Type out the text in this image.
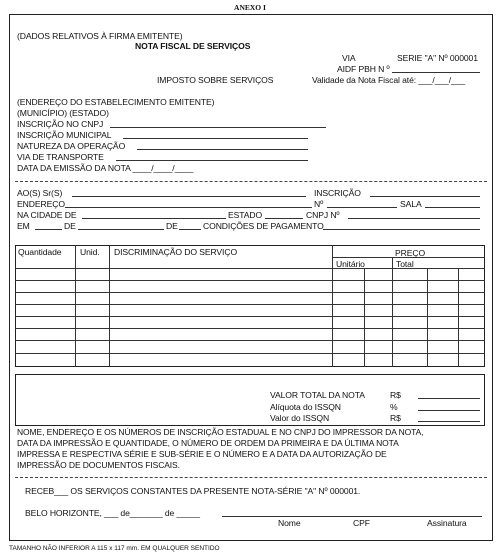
ANEXO I
(DADOS RELATIVOS À FIRMA EMITENTE)
NOTA FISCAL DE SERVIÇOS
VIA	SERIE "A" Nº 000001
AIDF PBH N º
IMPOSTO SOBRE SERVIÇOS	Validade da Nota Fiscal até: ___/___/___
(ENDEREÇO DO ESTABELECIMENTO EMITENTE)
(MUNICÍPIO) (ESTADO)
INSCRIÇÃO NO CNPJ
INSCRIÇÃO MUNICIPAL
NATUREZA DA OPERAÇÃO
VIA DE TRANSPORTE
DATA DA EMISSÃO DA NOTA ____/____/____
AO(S) Sr(S)	INSCRIÇÃO
ENDEREÇO	Nº	SALA
NA CIDADE DE	ESTADO	CNPJ Nº
EM	DE	DE	CONDIÇÕES DE PAGAMENTO
Quantidade Unid. DISCRIMINAÇÃO DO SERVIÇO	PREÇO
Unitário	Total
VALOR TOTAL DA NOTA	R$
Alíquota do ISSQN	%
Valor do ISSQN	R$
NOME, ENDEREÇO E OS NÚMEROS DE INSCRIÇÃO ESTADUAL E NO CNPJ DO IMPRESSOR DA NOTA,
DATA DA IMPRESSÃO E QUANTIDADE, O NÚMERO DE ORDEM DA PRIMEIRA E DA ÚLTIMA NOTA
IMPRESSA E RESPECTIVA SÉRIE E SUB-SÉRIE E O NÚMERO E A DATA DA AUTORIZAÇÃO DE
IMPRESSÃO DE DOCUMENTOS FISCAIS.
RECEB___ OS SERVIÇOS CONSTANTES DA PRESENTE NOTA-SÉRIE "A" Nº 000001.
BELO HORIZONTE, ___ de_______ de _____
Nome	CPF	Assinatura
TAMANHO NÃO INFERIOR A 115 x 117 mm. EM QUALQUER SENTIDO
